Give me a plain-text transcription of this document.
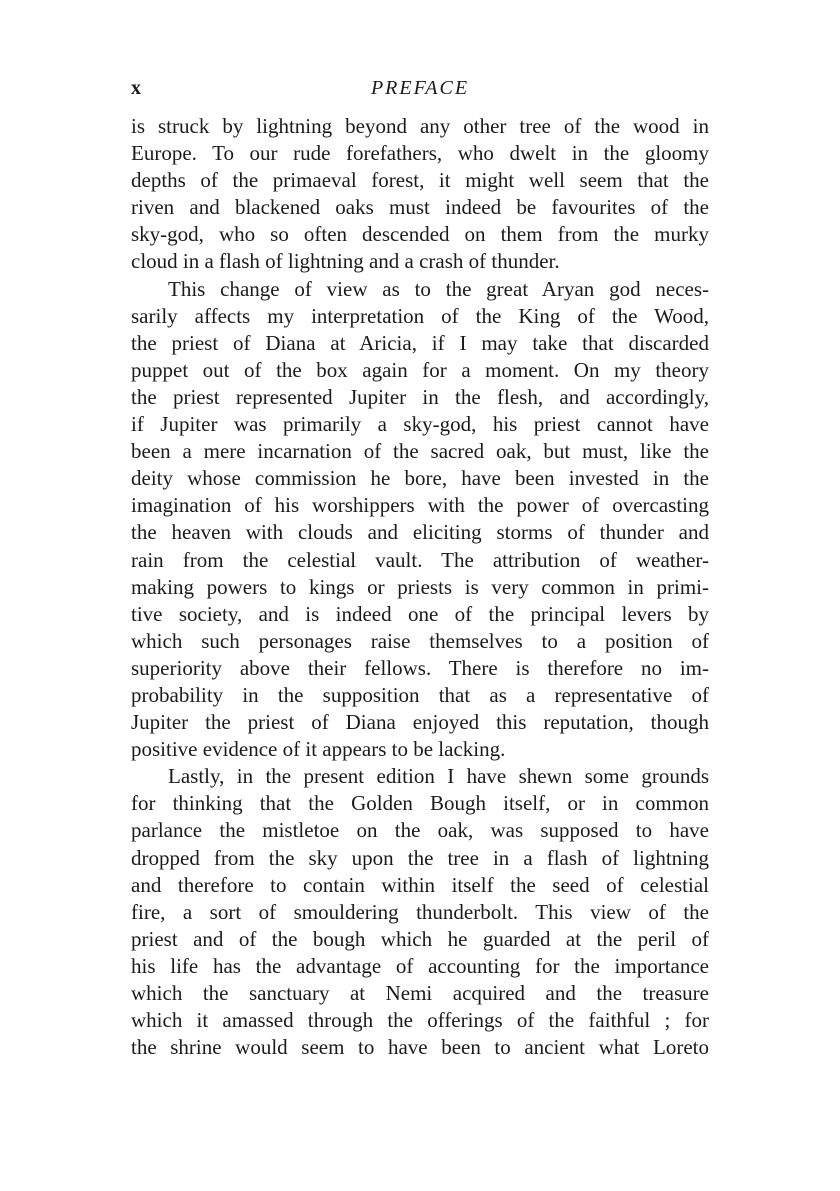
x	PREFACE
is struck by lightning beyond any other tree of the wood in
Europe. To our rude forefathers, who dwelt in the gloomy
depths of the primaeval forest, it might well seem that the
riven and blackened oaks must indeed be favourites of the
sky-god, who so often descended on them from the murky
cloud in a flash of lightning and a crash of thunder.
This change of view as to the great Aryan god neces-
sarily affects my interpretation of the King of the Wood,
the priest of Diana at Aricia, if I may take that discarded
puppet out of the box again for a moment. On my theory
the priest represented Jupiter in the flesh, and accordingly,
if Jupiter was primarily a sky-god, his priest cannot have
been a mere incarnation of the sacred oak, but must, like the
deity whose commission he bore, have been invested in the
imagination of his worshippers with the power of overcasting
the heaven with clouds and eliciting storms of thunder and
rain from the celestial vault. The attribution of weather-
making powers to kings or priests is very common in primi-
tive society, and is indeed one of the principal levers by
which such personages raise themselves to a position of
superiority above their fellows. There is therefore no im-
probability in the supposition that as a representative of
Jupiter the priest of Diana enjoyed this reputation, though
positive evidence of it appears to be lacking.
Lastly, in the present edition I have shewn some grounds
for thinking that the Golden Bough itself, or in common
parlance the mistletoe on the oak, was supposed to have
dropped from the sky upon the tree in a flash of lightning
and therefore to contain within itself the seed of celestial
fire, a sort of smouldering thunderbolt. This view of the
priest and of the bough which he guarded at the peril of
his life has the advantage of accounting for the importance
which the sanctuary at Nemi acquired and the treasure
which it amassed through the offerings of the faithful ; for
the shrine would seem to have been to ancient what Loreto
